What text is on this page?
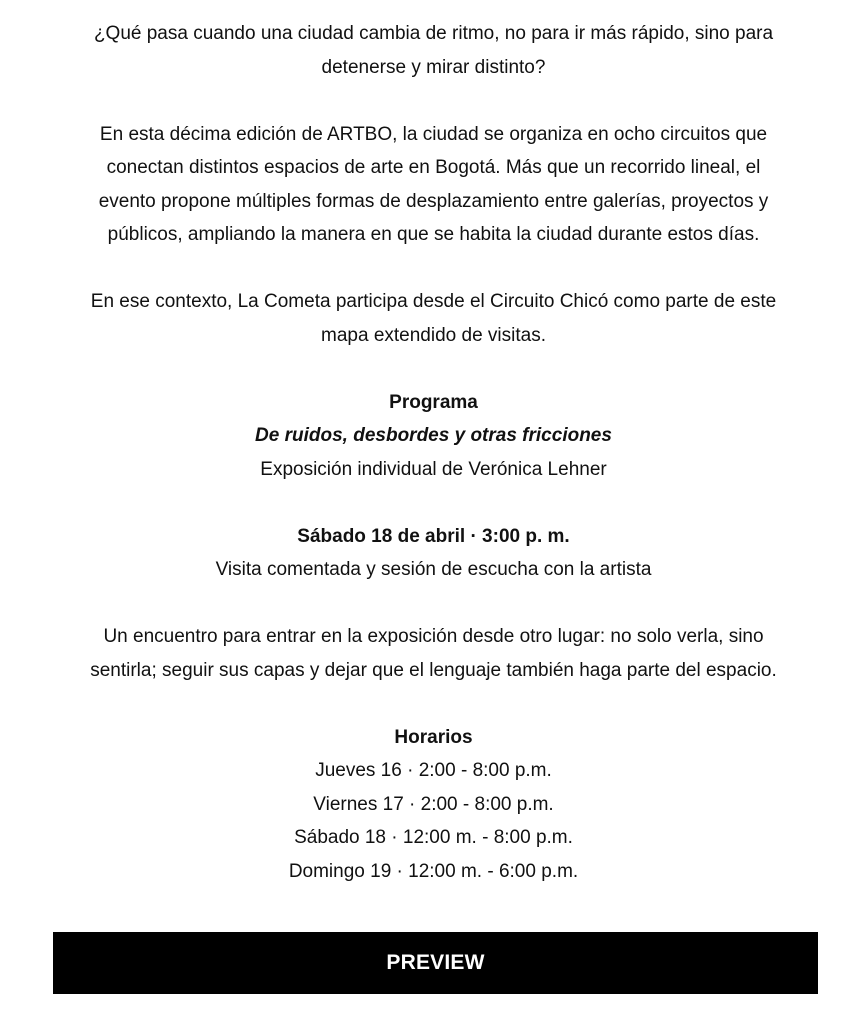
¿Qué pasa cuando una ciudad cambia de ritmo, no para ir más rápido, sino para
detenerse y mirar distinto?

En esta décima edición de ARTBO, la ciudad se organiza en ocho circuitos que
conectan distintos espacios de arte en Bogotá. Más que un recorrido lineal, el
evento propone múltiples formas de desplazamiento entre galerías, proyectos y
públicos, ampliando la manera en que se habita la ciudad durante estos días.

En ese contexto, La Cometa participa desde el Circuito Chicó como parte de este
mapa extendido de visitas.

Programa

De ruidos, desbordes y otras fricciones

Exposición individual de Verónica Lehner

Sábado 18 de abril · 3:00 p. m.

Visita comentada y sesión de escucha con la artista

Un encuentro para entrar en la exposición desde otro lugar: no solo verla, sino
sentirla; seguir sus capas y dejar que el lenguaje también haga parte del espacio.

Horarios

Jueves 16 · 2:00 - 8:00 p.m.

Viernes 17 · 2:00 - 8:00 p.m.

Sábado 18 · 12:00 m. - 8:00 p.m.

Domingo 19 · 12:00 m. - 6:00 p.m.

PREVIEW
